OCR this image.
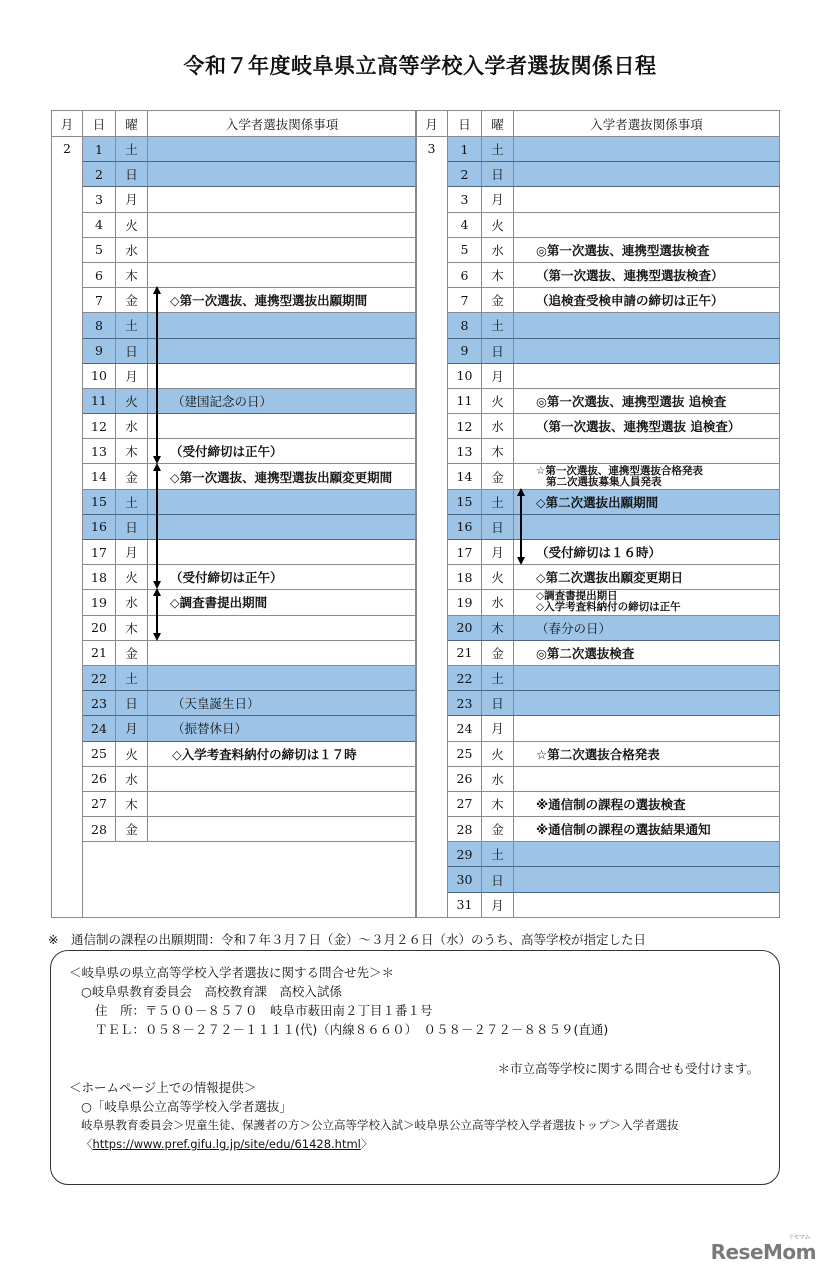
令和７年度岐阜県立高等学校入学者選抜関係日程
月	日	曜	入学者選抜関係事項
2	1	土	
	2	日	
	3	月	
	4	火	
	5	水	
	6	木	
	7	金	◇第一次選抜、連携型選抜出願期間
	8	土	
	9	日	
	10	月	
	11	火	（建国記念の日）
	12	水	
	13	木	（受付締切は正午）
	14	金	◇第一次選抜、連携型選抜出願変更期間
	15	土	
	16	日	
	17	月	
	18	火	（受付締切は正午）
	19	水	◇調査書提出期間
	20	木	
	21	金	
	22	土	
	23	日	（天皇誕生日）
	24	月	（振替休日）
	25	火	◇入学考査料納付の締切は１７時
	26	水	
	27	木	
	28	金	

月	日	曜	入学者選抜関係事項
3	1	土	
	2	日	
	3	月	
	4	火	
	5	水	◎第一次選抜、連携型選抜検査
	6	木	（第一次選抜、連携型選抜検査）
	7	金	（追検査受検申請の締切は正午）
	8	土	
	9	日	
	10	月	
	11	火	◎第一次選抜、連携型選抜 追検査
	12	水	（第一次選抜、連携型選抜 追検査）
	13	木	
	14	金	☆第一次選抜、連携型選抜合格発表
第二次選抜募集人員発表

	15	土	◇第二次選抜出願期間
	16	日	
	17	月	（受付締切は１６時）
	18	火	◇第二次選抜出願変更期日
	19	水	◇調査書提出期日
◇入学考査料納付の締切は正午

	20	木	（春分の日）
	21	金	◎第二次選抜検査
	22	土	
	23	日	
	24	月	
	25	火	☆第二次選抜合格発表
	26	水	
	27	木	※通信制の課程の選抜検査
	28	金	※通信制の課程の選抜結果通知
	29	土	
	30	日	
	31	月	
※　通信制の課程の出願期間：令和７年３月７日（金）～３月２６日（水）のうち、高等学校が指定した日
＜岐阜県の県立高等学校入学者選抜に関する問合せ先＞＊
○岐阜県教育委員会　高校教育課　高校入試係
住　所：〒５００－８５７０　岐阜市薮田南２丁目１番１号
ＴＥＬ：０５８－２７２－１１１１(代)（内線８６６０）　０５８－２７２－８８５９(直通)
＊市立高等学校に関する問合せも受付けます。
＜ホームページ上での情報提供＞
○「岐阜県公立高等学校入学者選抜」
岐阜県教育委員会＞児童生徒、保護者の方＞公立高等学校入試＞岐阜県公立高等学校入学者選抜トップ＞入学者選抜
〈https://www.pref.gifu.lg.jp/site/edu/61428.html〉
リセマム
ReseMom
